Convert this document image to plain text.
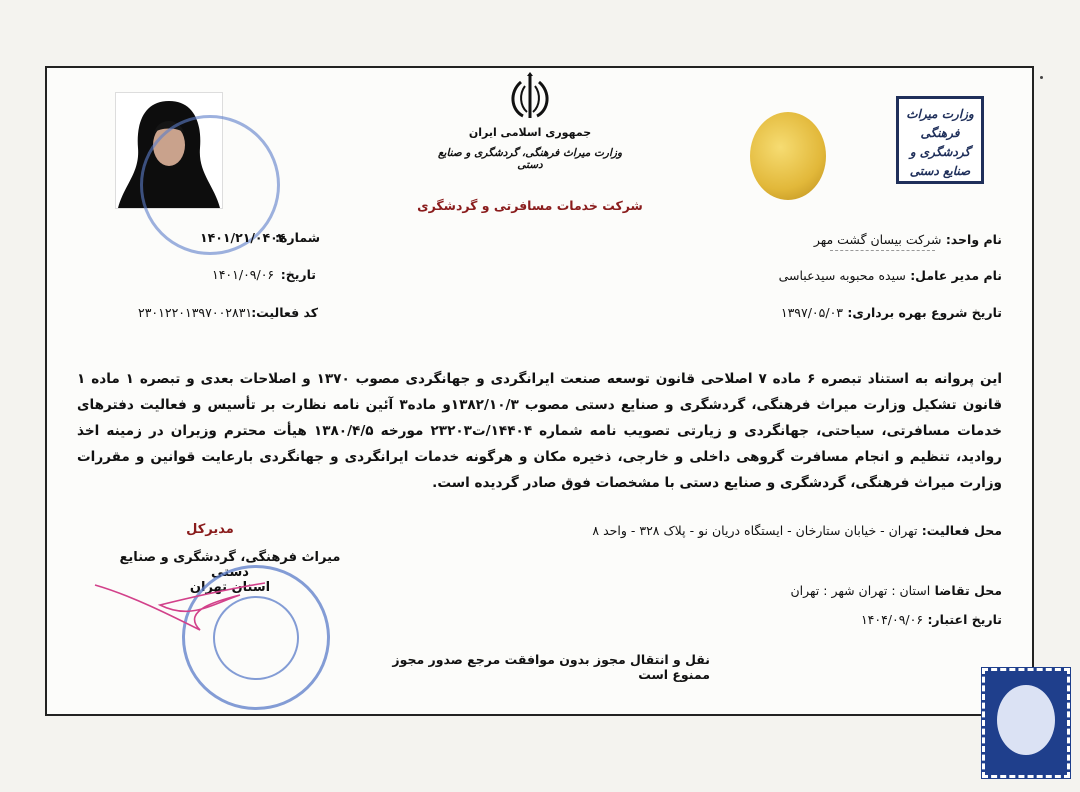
جمهوری اسلامی ایران
وزارت میراث فرهنگی، گردشگری و صنایع دستی
شرکت خدمات مسافرتی و گردشگری
وزارت میراث فرهنگی گردشگری و صنایع دستی
نام واحد: شرکت بیسان گشت مهر
نام مدیر عامل: سیده محبوبه سیدعباسی
تاریخ شروع بهره برداری: ۱۳۹۷/۰۵/۰۳
شماره:
۱۴۰۱/۲۱/۰۴۰۴
تاریخ:
۱۴۰۱/۰۹/۰۶
کد فعالیت:
۲۳۰۱۲۲۰۱۳۹۷۰۰۲۸۳۱
این پروانه به استناد تبصره ۶ ماده ۷ اصلاحی قانون توسعه صنعت ایرانگردی و جهانگردی مصوب ۱۳۷۰ و اصلاحات بعدی و تبصره ۱ ماده ۱ قانون تشکیل وزارت میراث فرهنگی، گردشگری و صنایع دستی مصوب ۱۳۸۲/۱۰/۳و ماده۳ آئین نامه نظارت بر تأسیس و فعالیت دفترهای خدمات مسافرتی، سیاحتی، جهانگردی و زیارتی تصویب نامه شماره ۱۴۴۰۴/ت۲۳۲۰۳ مورخه ۱۳۸۰/۴/۵ هیأت محترم وزیران در زمینه اخذ روادید، تنظیم و انجام مسافرت گروهی داخلی و خارجی، ذخیره مکان و هرگونه خدمات ایرانگردی و جهانگردی بارعایت قوانین و مقررات وزارت میراث فرهنگی، گردشگری و صنایع دستی با مشخصات فوق صادر گردیده است.
محل فعالیت: تهران - خیابان ستارخان - ایستگاه دریان نو - پلاک ۳۲۸ - واحد ۸
محل تقاضا استان : تهران شهر : تهران
تاریخ اعتبار: ۱۴۰۴/۰۹/۰۶
نقل و انتقال مجوز بدون موافقت مرجع صدور مجوز ممنوع است
مدیرکل
میراث فرهنگی، گردشگری و صنایع دستی
استان تهران
